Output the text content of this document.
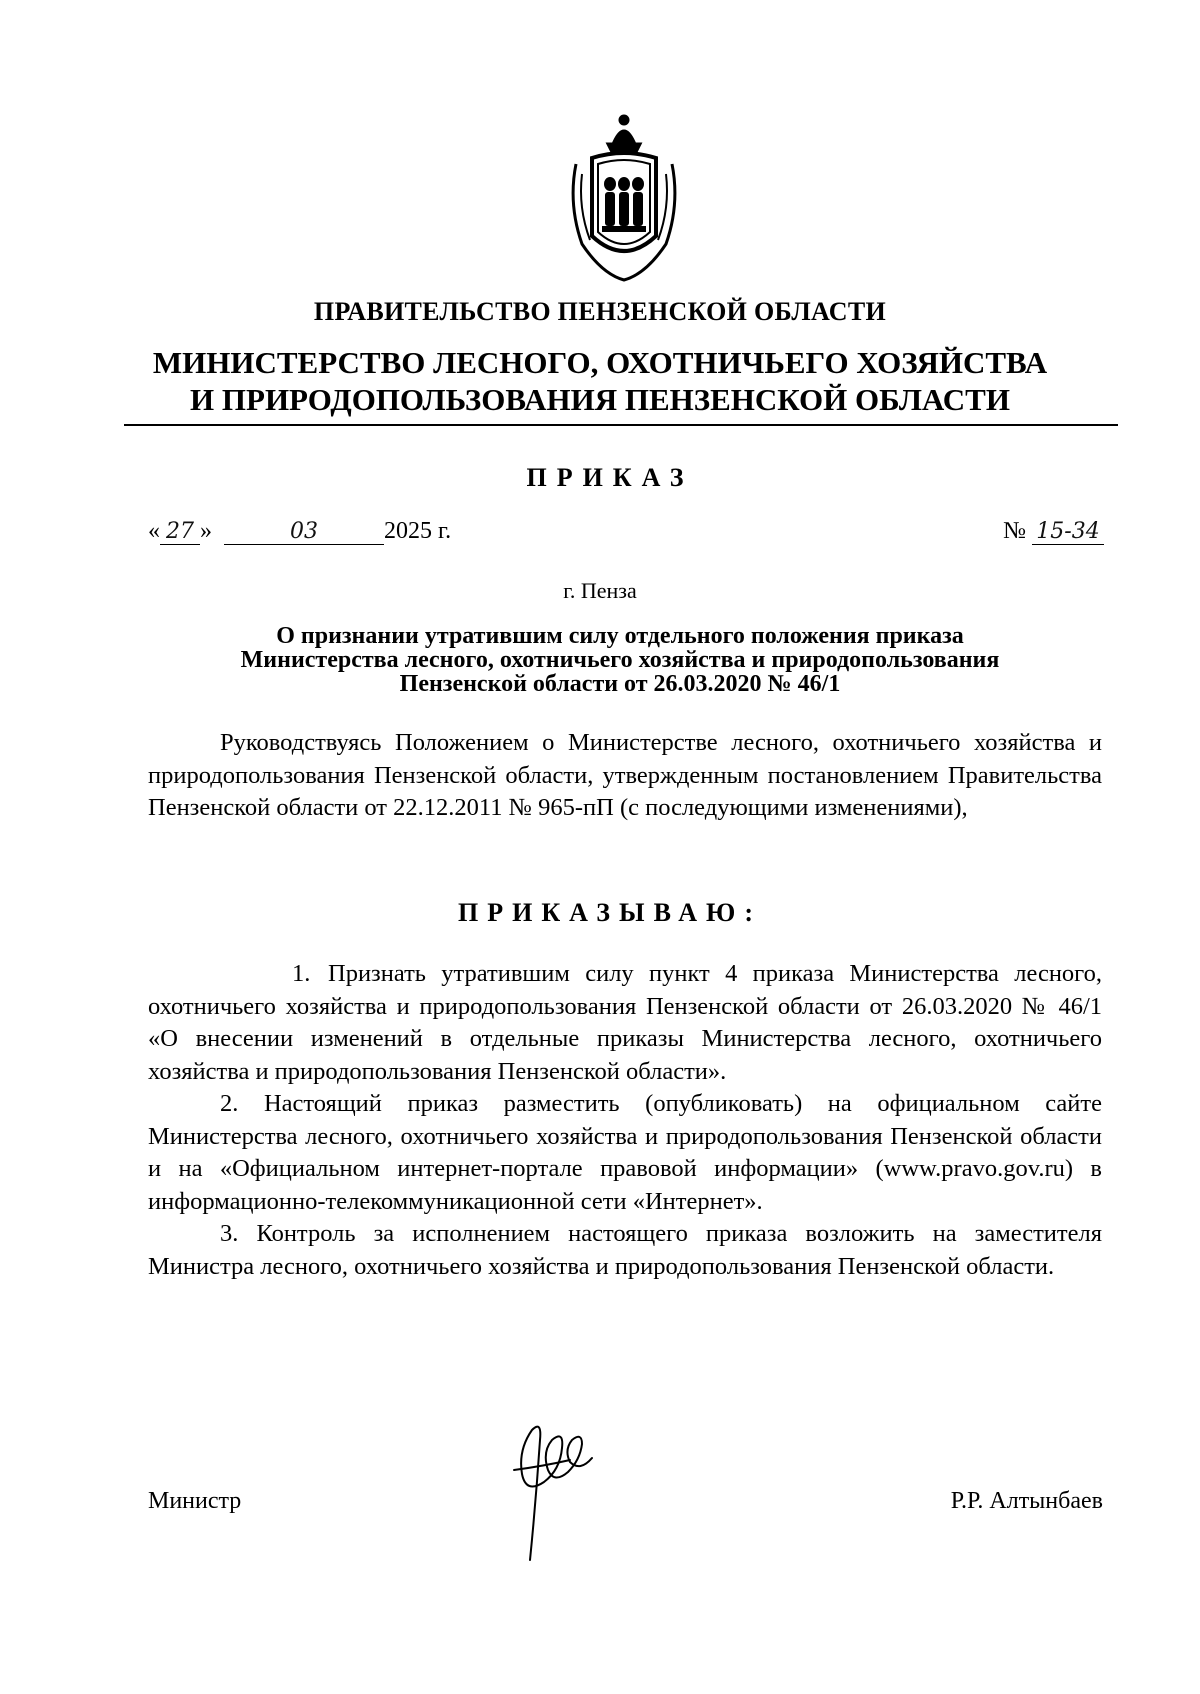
ПРАВИТЕЛЬСТВО ПЕНЗЕНСКОЙ ОБЛАСТИ
МИНИСТЕРСТВО ЛЕСНОГО, ОХОТНИЧЬЕГО ХОЗЯЙСТВА
И ПРИРОДОПОЛЬЗОВАНИЯ ПЕНЗЕНСКОЙ ОБЛАСТИ
ПРИКАЗ
« 27 »	03	2025 г.	№ 15-34
г. Пенза
О признании утратившим силу отдельного положения приказа
Министерства лесного, охотничьего хозяйства и природопользования
Пензенской области от 26.03.2020 № 46/1

Руководствуясь Положением о Министерстве лесного, охотничьего хозяйства и природопользования Пензенской области, утвержденным постановлением Правительства Пензенской области от 22.12.2011 № 965-пП (с последующими изменениями),

ПРИКАЗЫВАЮ:

1. Признать утратившим силу пункт 4 приказа Министерства лесного, охотничьего хозяйства и природопользования Пензенской области от 26.03.2020 № 46/1 «О внесении изменений в отдельные приказы Министерства лесного, охотничьего хозяйства и природопользования Пензенской области».

2. Настоящий приказ разместить (опубликовать) на официальном сайте Министерства лесного, охотничьего хозяйства и природопользования Пензенской области и на «Официальном интернет-портале правовой информации» (www.pravo.gov.ru) в информационно-телекоммуникационной сети «Интернет».

3. Контроль за исполнением настоящего приказа возложить на заместителя Министра лесного, охотничьего хозяйства и природопользования Пензенской области.

Министр	Р.Р. Алтынбаев
